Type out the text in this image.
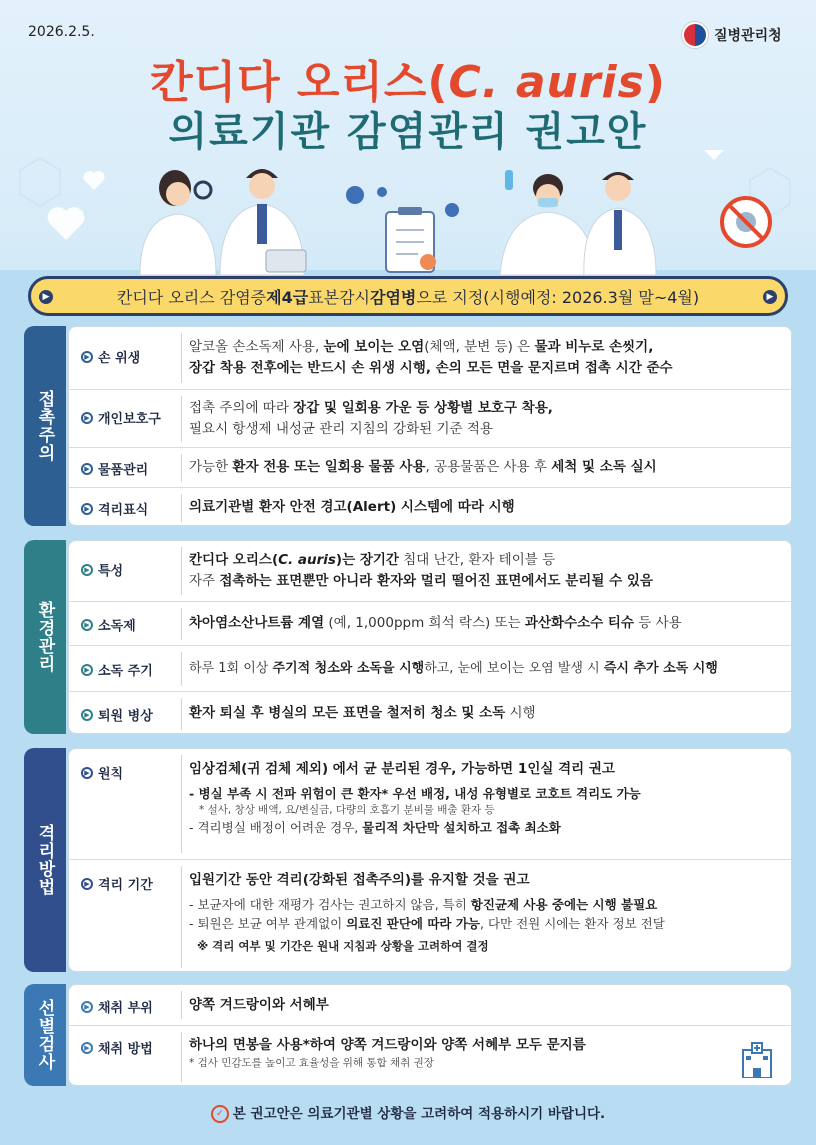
2026.2.5.	질병관리청
칸디다 오리스(C. auris)
의료기관 감염관리 권고안
▶	칸디다 오리스 감염증 제4급 표본감시 감염병 으로 지정(시행예정: 2026.3월 말~4월)	▶
접촉주의
▶ 손 위생
알코올 손소독제 사용, 눈에 보이는 오염(체액, 분변 등) 은 물과 비누로 손씻기,
장갑 착용 전후에는 반드시 손 위생 시행, 손의 모든 면을 문지르며 접촉 시간 준수
▶ 개인보호구
접촉 주의에 따라 장갑 및 일회용 가운 등 상황별 보호구 착용,
필요시 항생제 내성균 관리 지침의 강화된 기준 적용
▶ 물품관리	가능한 환자 전용 또는 일회용 물품 사용, 공용물품은 사용 후 세척 및 소독 실시
▶ 격리표식	의료기관별 환자 안전 경고(Alert) 시스템에 따라 시행
환경관리
▶ 특성
칸디다 오리스(C. auris)는 장기간 침대 난간, 환자 테이블 등
자주 접촉하는 표면뿐만 아니라 환자와 멀리 떨어진 표면에서도 분리될 수 있음
▶ 소독제	차아염소산나트륨 계열 (예, 1,000ppm 희석 락스) 또는 과산화수소수 티슈 등 사용
▶ 소독 주기	하루 1회 이상 주기적 청소와 소독을 시행하고, 눈에 보이는 오염 발생 시 즉시 추가 소독 시행
▶ 퇴원 병상	환자 퇴실 후 병실의 모든 표면을 철저히 청소 및 소독 시행
격리방법
▶ 원칙	임상검체(귀 검체 제외) 에서 균 분리된 경우, 가능하면 1인실 격리 권고
- 병실 부족 시 전파 위험이 큰 환자* 우선 배정, 내성 유형별로 코호트 격리도 가능
* 설사, 창상 배액, 요/변실금, 다량의 호흡기 분비물 배출 환자 등
- 격리병실 배정이 어려운 경우, 물리적 차단막 설치하고 접촉 최소화
▶ 격리 기간	입원기간 동안 격리(강화된 접촉주의)를 유지할 것을 권고
- 보균자에 대한 재평가 검사는 권고하지 않음, 특히 항진균제 사용 중에는 시행 불필요
- 퇴원은 보균 여부 관계없이 의료진 판단에 따라 가능, 다만 전원 시에는 환자 정보 전달
※ 격리 여부 및 기간은 원내 지침과 상황을 고려하여 결정
선별검사	▶ 채취 부위	양쪽 겨드랑이와 서혜부
▶ 채취 방법	하나의 면봉을 사용*하여 양쪽 겨드랑이와 양쪽 서혜부 모두 문지름
* 검사 민감도를 높이고 효율성을 위해 통합 채취 권장
✓ 본 권고안은 의료기관별 상황을 고려하여 적용하시기 바랍니다.
